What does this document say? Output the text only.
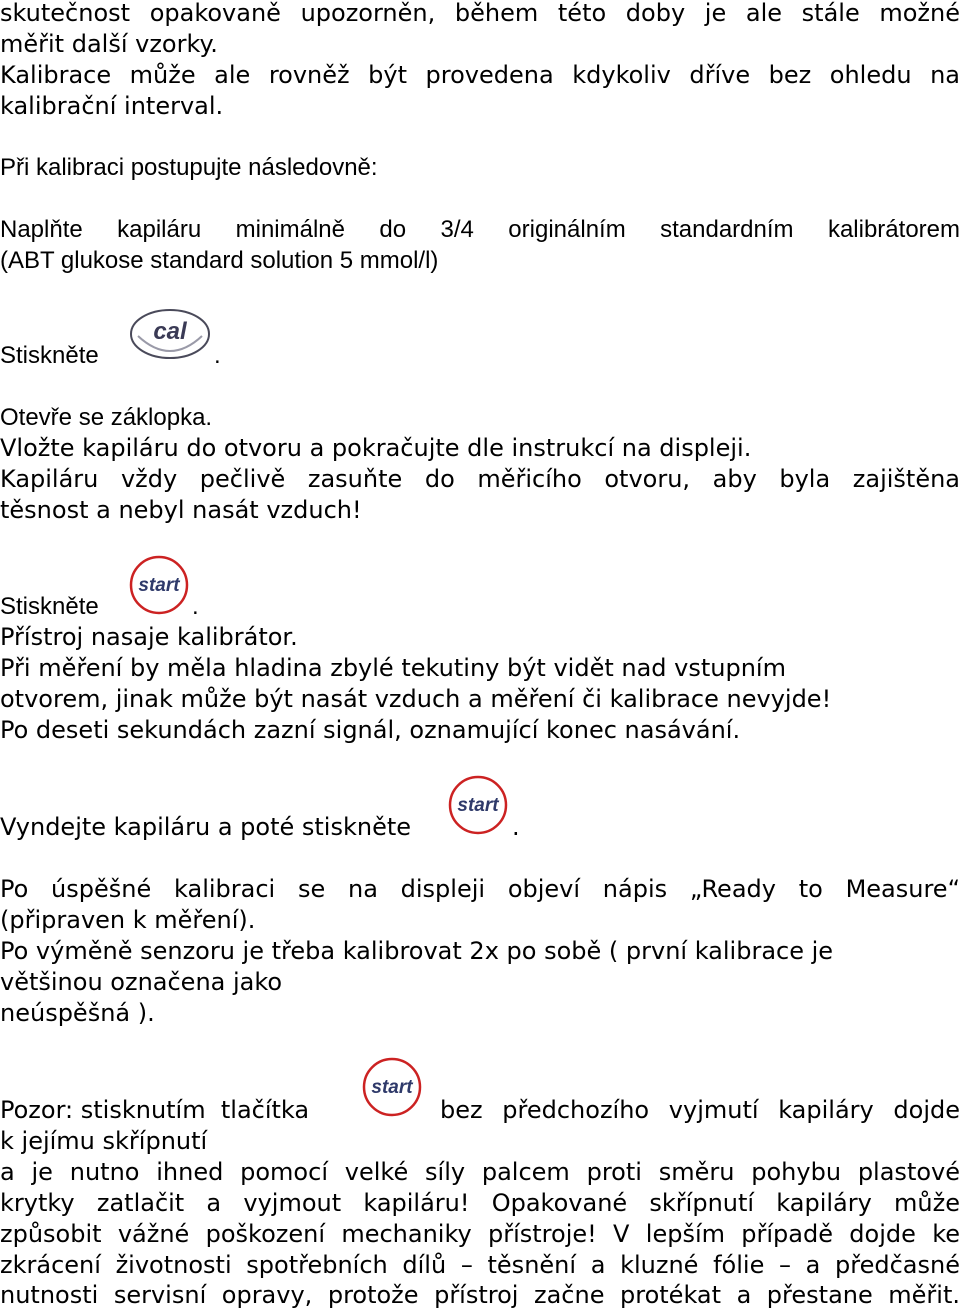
skutečnost opakovaně upozorněn, během této doby je ale stále možné
měřit další vzorky.
Kalibrace může ale rovněž být provedena kdykoliv dříve bez ohledu na
kalibrační interval.
Při kalibraci postupujte následovně:
Naplňte kapiláru minimálně do 3/4 originálním standardním kalibrátorem
(ABT glukose standard solution 5 mmol/l)
Stiskněte
cal
.
Otevře se záklopka.
Vložte kapiláru do otvoru a pokračujte dle instrukcí na displeji.
Kapiláru vždy pečlivě zasuňte do měřicího otvoru, aby byla zajištěna
těsnost a nebyl nasát vzduch!
Stiskněte
start
.
Přístroj nasaje kalibrátor.
Při měření by měla hladina zbylé tekutiny být vidět nad vstupním
otvorem, jinak může být nasát vzduch a měření či kalibrace nevyjde!
Po deseti sekundách zazní signál, oznamující konec nasávání.
Vyndejte kapiláru a poté stiskněte
start
.
Po úspěšné kalibraci se na displeji objeví nápis „Ready to Measure“
(připraven k měření).
Po výměně senzoru je třeba kalibrovat 2x po sobě ( první kalibrace je
většinou označena jako
neúspěšná ).
Pozor: stisknutím  tlačítka
start
bez předchozího vyjmutí kapiláry dojde
k jejímu skřípnutí
a je nutno ihned pomocí velké síly palcem proti směru pohybu plastové
krytky zatlačit a vyjmout kapiláru! Opakované skřípnutí kapiláry může
způsobit vážné poškození mechaniky přístroje! V lepším případě dojde ke
zkrácení životnosti spotřebních dílů – těsnění a kluzné fólie – a předčasné
nutnosti servisní opravy, protože přístroj začne protékat a přestane měřit.
